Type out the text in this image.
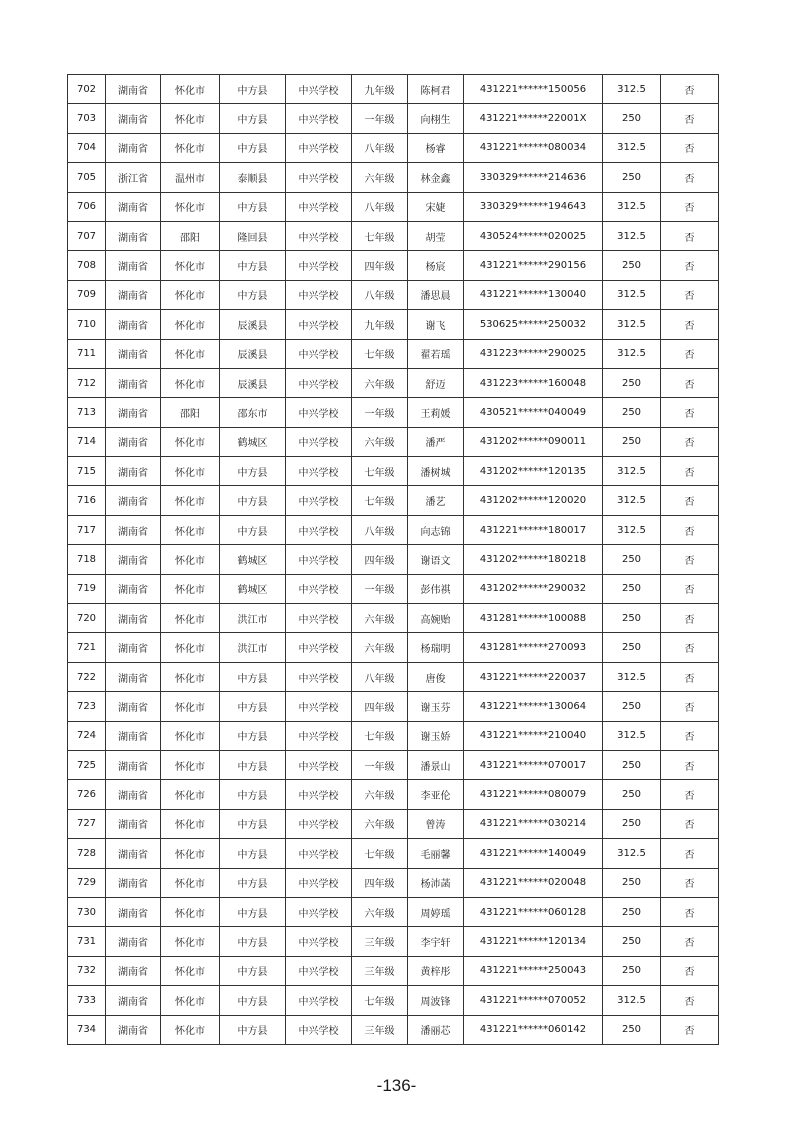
702	湖南省	怀化市	中方县	中兴学校	九年级	陈柯君	431221******150056	312.5	否
703	湖南省	怀化市	中方县	中兴学校	一年级	向栩生	431221******22001X	250	否
704	湖南省	怀化市	中方县	中兴学校	八年级	杨睿	431221******080034	312.5	否
705	浙江省	温州市	泰顺县	中兴学校	六年级	林金鑫	330329******214636	250	否
706	湖南省	怀化市	中方县	中兴学校	八年级	宋婕	330329******194643	312.5	否
707	湖南省	邵阳	隆回县	中兴学校	七年级	胡莹	430524******020025	312.5	否
708	湖南省	怀化市	中方县	中兴学校	四年级	杨宸	431221******290156	250	否
709	湖南省	怀化市	中方县	中兴学校	八年级	潘思晨	431221******130040	312.5	否
710	湖南省	怀化市	辰溪县	中兴学校	九年级	谢飞	530625******250032	312.5	否
711	湖南省	怀化市	辰溪县	中兴学校	七年级	翟若瑶	431223******290025	312.5	否
712	湖南省	怀化市	辰溪县	中兴学校	六年级	舒迈	431223******160048	250	否
713	湖南省	邵阳	邵东市	中兴学校	一年级	王莉媛	430521******040049	250	否
714	湖南省	怀化市	鹤城区	中兴学校	六年级	潘严	431202******090011	250	否
715	湖南省	怀化市	中方县	中兴学校	七年级	潘树城	431202******120135	312.5	否
716	湖南省	怀化市	中方县	中兴学校	七年级	潘艺	431202******120020	312.5	否
717	湖南省	怀化市	中方县	中兴学校	八年级	向志锦	431221******180017	312.5	否
718	湖南省	怀化市	鹤城区	中兴学校	四年级	谢语文	431202******180218	250	否
719	湖南省	怀化市	鹤城区	中兴学校	一年级	彭伟祺	431202******290032	250	否
720	湖南省	怀化市	洪江市	中兴学校	六年级	高婉贻	431281******100088	250	否
721	湖南省	怀化市	洪江市	中兴学校	六年级	杨瑞明	431281******270093	250	否
722	湖南省	怀化市	中方县	中兴学校	八年级	唐俊	431221******220037	312.5	否
723	湖南省	怀化市	中方县	中兴学校	四年级	谢玉芬	431221******130064	250	否
724	湖南省	怀化市	中方县	中兴学校	七年级	谢玉娇	431221******210040	312.5	否
725	湖南省	怀化市	中方县	中兴学校	一年级	潘景山	431221******070017	250	否
726	湖南省	怀化市	中方县	中兴学校	六年级	李亚伦	431221******080079	250	否
727	湖南省	怀化市	中方县	中兴学校	六年级	曾涛	431221******030214	250	否
728	湖南省	怀化市	中方县	中兴学校	七年级	毛丽馨	431221******140049	312.5	否
729	湖南省	怀化市	中方县	中兴学校	四年级	杨沛菡	431221******020048	250	否
730	湖南省	怀化市	中方县	中兴学校	六年级	周婷瑶	431221******060128	250	否
731	湖南省	怀化市	中方县	中兴学校	三年级	李宇轩	431221******120134	250	否
732	湖南省	怀化市	中方县	中兴学校	三年级	黄梓彤	431221******250043	250	否
733	湖南省	怀化市	中方县	中兴学校	七年级	周波锋	431221******070052	312.5	否
734	湖南省	怀化市	中方县	中兴学校	三年级	潘丽芯	431221******060142	250	否
-136-
